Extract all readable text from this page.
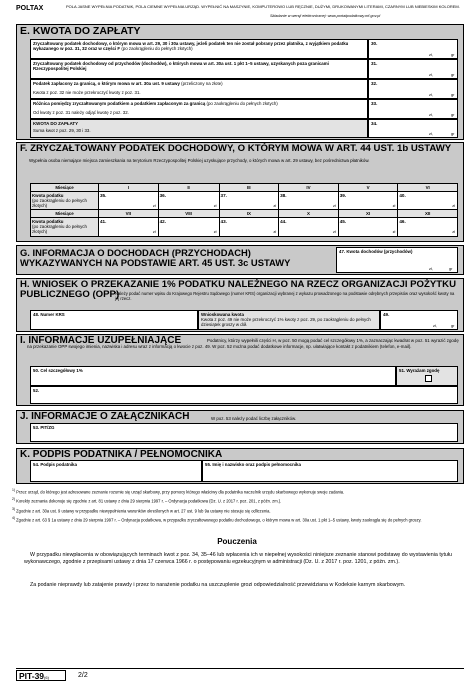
POLTAX	POLA JASNE WYPEŁNIA PODATNIK, POLA CIEMNE WYPEŁNIA URZĄD. WYPEŁNIĆ NA MASZYNIE, KOMPUTEROWO LUB RĘCZNIE, DUŻYMI, DRUKOWANYMI LITERAMI, CZARNYM LUB NIEBIESKIM KOLOREM.
Składanie w wersji elektronicznej: www.portalpodatkowy.mf.gov.pl
E. KWOTA DO ZAPŁATY
Zryczałtowany podatek dochodowy, o którym mowa w art. 29, 30 i 30a ustawy, jeżeli podatek ten nie został pobrany przez płatnika, z wyjątkiem podatku wykazanego w poz. 31, 32 oraz w części F (po zaokrągleniu do pełnych złotych)
30.
zł,	gr
Zryczałtowany podatek dochodowy od przychodów (dochodów), o których mowa w art. 30a ust. 1 pkt 1–5 ustawy, uzyskanych poza granicami Rzeczypospolitej Polskiej
31.
zł,	gr
Podatek zapłacony za granicą, o którym mowa w art. 30a ust. 9 ustawy (przeliczony na złote)
Kwota z poz. 32 nie może przekroczyć kwoty z poz. 31.
32.
zł,	gr
Różnica pomiędzy zryczałtowanym podatkiem a podatkiem zapłaconym za granicą (po zaokrągleniu do pełnych złotych)
Od kwoty z poz. 31 należy odjąć kwotę z poz. 32.
33.
zł,	gr
KWOTA DO ZAPŁATY
Suma kwot z poz. 29, 30 i 33.
34.
zł,	gr
F. ZRYCZAŁTOWANY PODATEK DOCHODOWY, O KTÓRYM MOWA W ART. 44 UST. 1b USTAWY
Wypełnia osoba niemające miejsca zamieszkania na terytorium Rzeczypospolitej Polskiej uzyskujące przychody, o których mowa w art. 29 ustawy, bez pośrednictwa płatników.
Miesiące	I	II	III	IV	V	VI
Kwota podatku
(po zaokrągleniu do pełnych złotych)	35.
zł	36.
zł	37.
zł	38.
zł	39.
zł	40.
zł

Miesiące	VII	VIII	IX	X	XI	XII
Kwota podatku
(po zaokrągleniu do pełnych złotych)	41.
zł	42.
zł	43.
zł	44.
zł	45.
zł	46.
zł
G. INFORMACJA O DOCHODACH (PRZYCHODACH) WYKAZYWANYCH NA PODSTAWIE ART. 45 UST. 3c USTAWY
47. Kwota dochodów (przychodów)
zł,	gr
H. WNIOSEK O PRZEKAZANIE 1% PODATKU NALEŻNEGO NA RZECZ ORGANIZACJI POŻYTKU PUBLICZNEGO (OPP)
Należy podać numer wpisu do Krajowego Rejestru Sądowego (numer KRS) organizacji wybranej z wykazu prowadzonego na podstawie odrębnych przepisów oraz wysokość kwoty na jej rzecz.
48. Numer KRS	Wnioskowana kwota
Kwota z poz. 49 nie może przekroczyć 1% kwoty z poz. 29, po zaokrągleniu do pełnych dziesiątek groszy w dół.
49.
zł,	gr
I. INFORMACJE UZUPEŁNIAJĄCE	Podatnicy, którzy wypełnili części H, w poz. 50 mogą podać cel szczegółowy 1%, a zaznaczając kwadrat w poz. 51 wyrazić zgodę na przekazanie OPP swojego imienia, nazwiska i adresu wraz z informacją o kwocie z poz. 49. W poz. 52 można podać dodatkowe informacje, np. ułatwiające kontakt z podatnikiem (telefon, e-mail).
50. Cel szczegółowy 1%	51. Wyrażam zgodę
52.
J. INFORMACJE O ZAŁĄCZNIKACH	W poz. 53 należy podać liczbę załączników.
53. PIT/ZG
K. PODPIS PODATNIKA / PEŁNOMOCNIKA
54. Podpis podatnika	55. Imię i nazwisko oraz podpis pełnomocnika
$^{1)}$ Przez urząd, do którego jest adresowane zeznanie rozumie się urząd skarbowy, przy pomocy którego właściwy dla podatnika naczelnik urzędu skarbowego wykonuje swoje zadania.
$^{2)}$ Korekty zeznania dokonuje się zgodnie z art. 81 ustawy z dnia 29 sierpnia 1997 r. – Ordynacja podatkowa (Dz. U. z 2017 r. poz. 201, z późn. zm.).
$^{3)}$ Zgodnie z art. 30a ust. 9 ustawy w przypadku niewypełnienia warunków określonych w art. 27 ust. 9 lub 9a ustawy nie stosuje się odliczenia.
$^{4)}$ Zgodnie z art. 63 § 1a ustawy z dnia 29 sierpnia 1997 r. – Ordynacja podatkowa, w przypadku zryczałtowanego podatku dochodowego, o którym mowa w art. 30a ust. 1 pkt 1–5 ustawy, kwoty zaokrągla się do pełnych groszy.
Pouczenia
W przypadku niewpłacenia w obowiązujących terminach kwot z poz. 34, 35–46 lub wpłacenia ich w niepełnej wysokości niniejsze zeznanie stanowi podstawę do wystawienia tytułu wykonawczego, zgodnie z przepisami ustawy z dnia 17 czerwca 1966 r. o postępowaniu egzekucyjnym w administracji (Dz. U. z 2017 r. poz. 1201, z późn. zm.).
Za podanie nieprawdy lub zatajenie prawdy i przez to narażenie podatku na uszczuplenie grozi odpowiedzialność przewidziana w Kodeksie karnym skarbowym.
PIT-39(6)	2/2
